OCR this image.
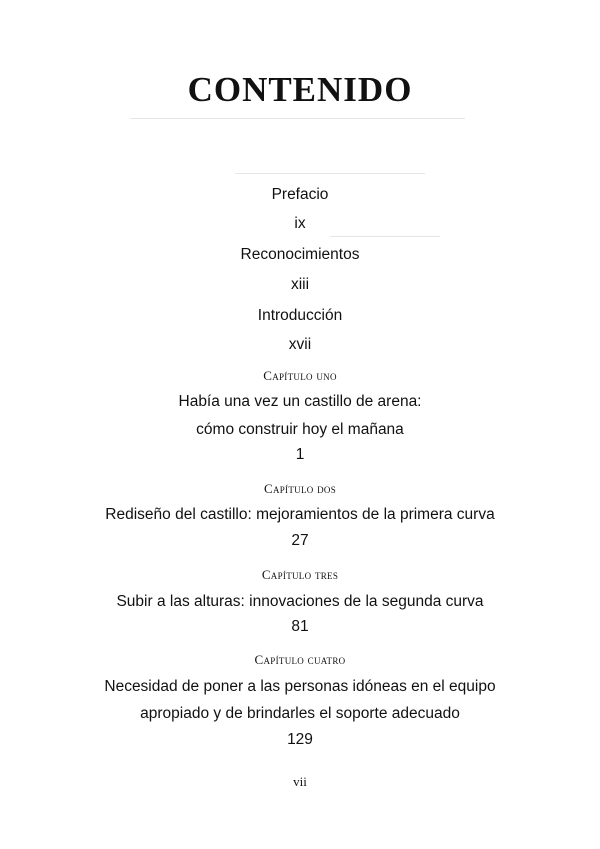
CONTENIDO
Prefacio
ix
Reconocimientos
xiii
Introducción
xvii
Capítulo uno
Había una vez un castillo de arena:
cómo construir hoy el mañana
1
Capítulo dos
Rediseño del castillo: mejoramientos de la primera curva
27
Capítulo tres
Subir a las alturas: innovaciones de la segunda curva
81
Capítulo cuatro
Necesidad de poner a las personas idóneas en el equipo
apropiado y de brindarles el soporte adecuado
129
vii
